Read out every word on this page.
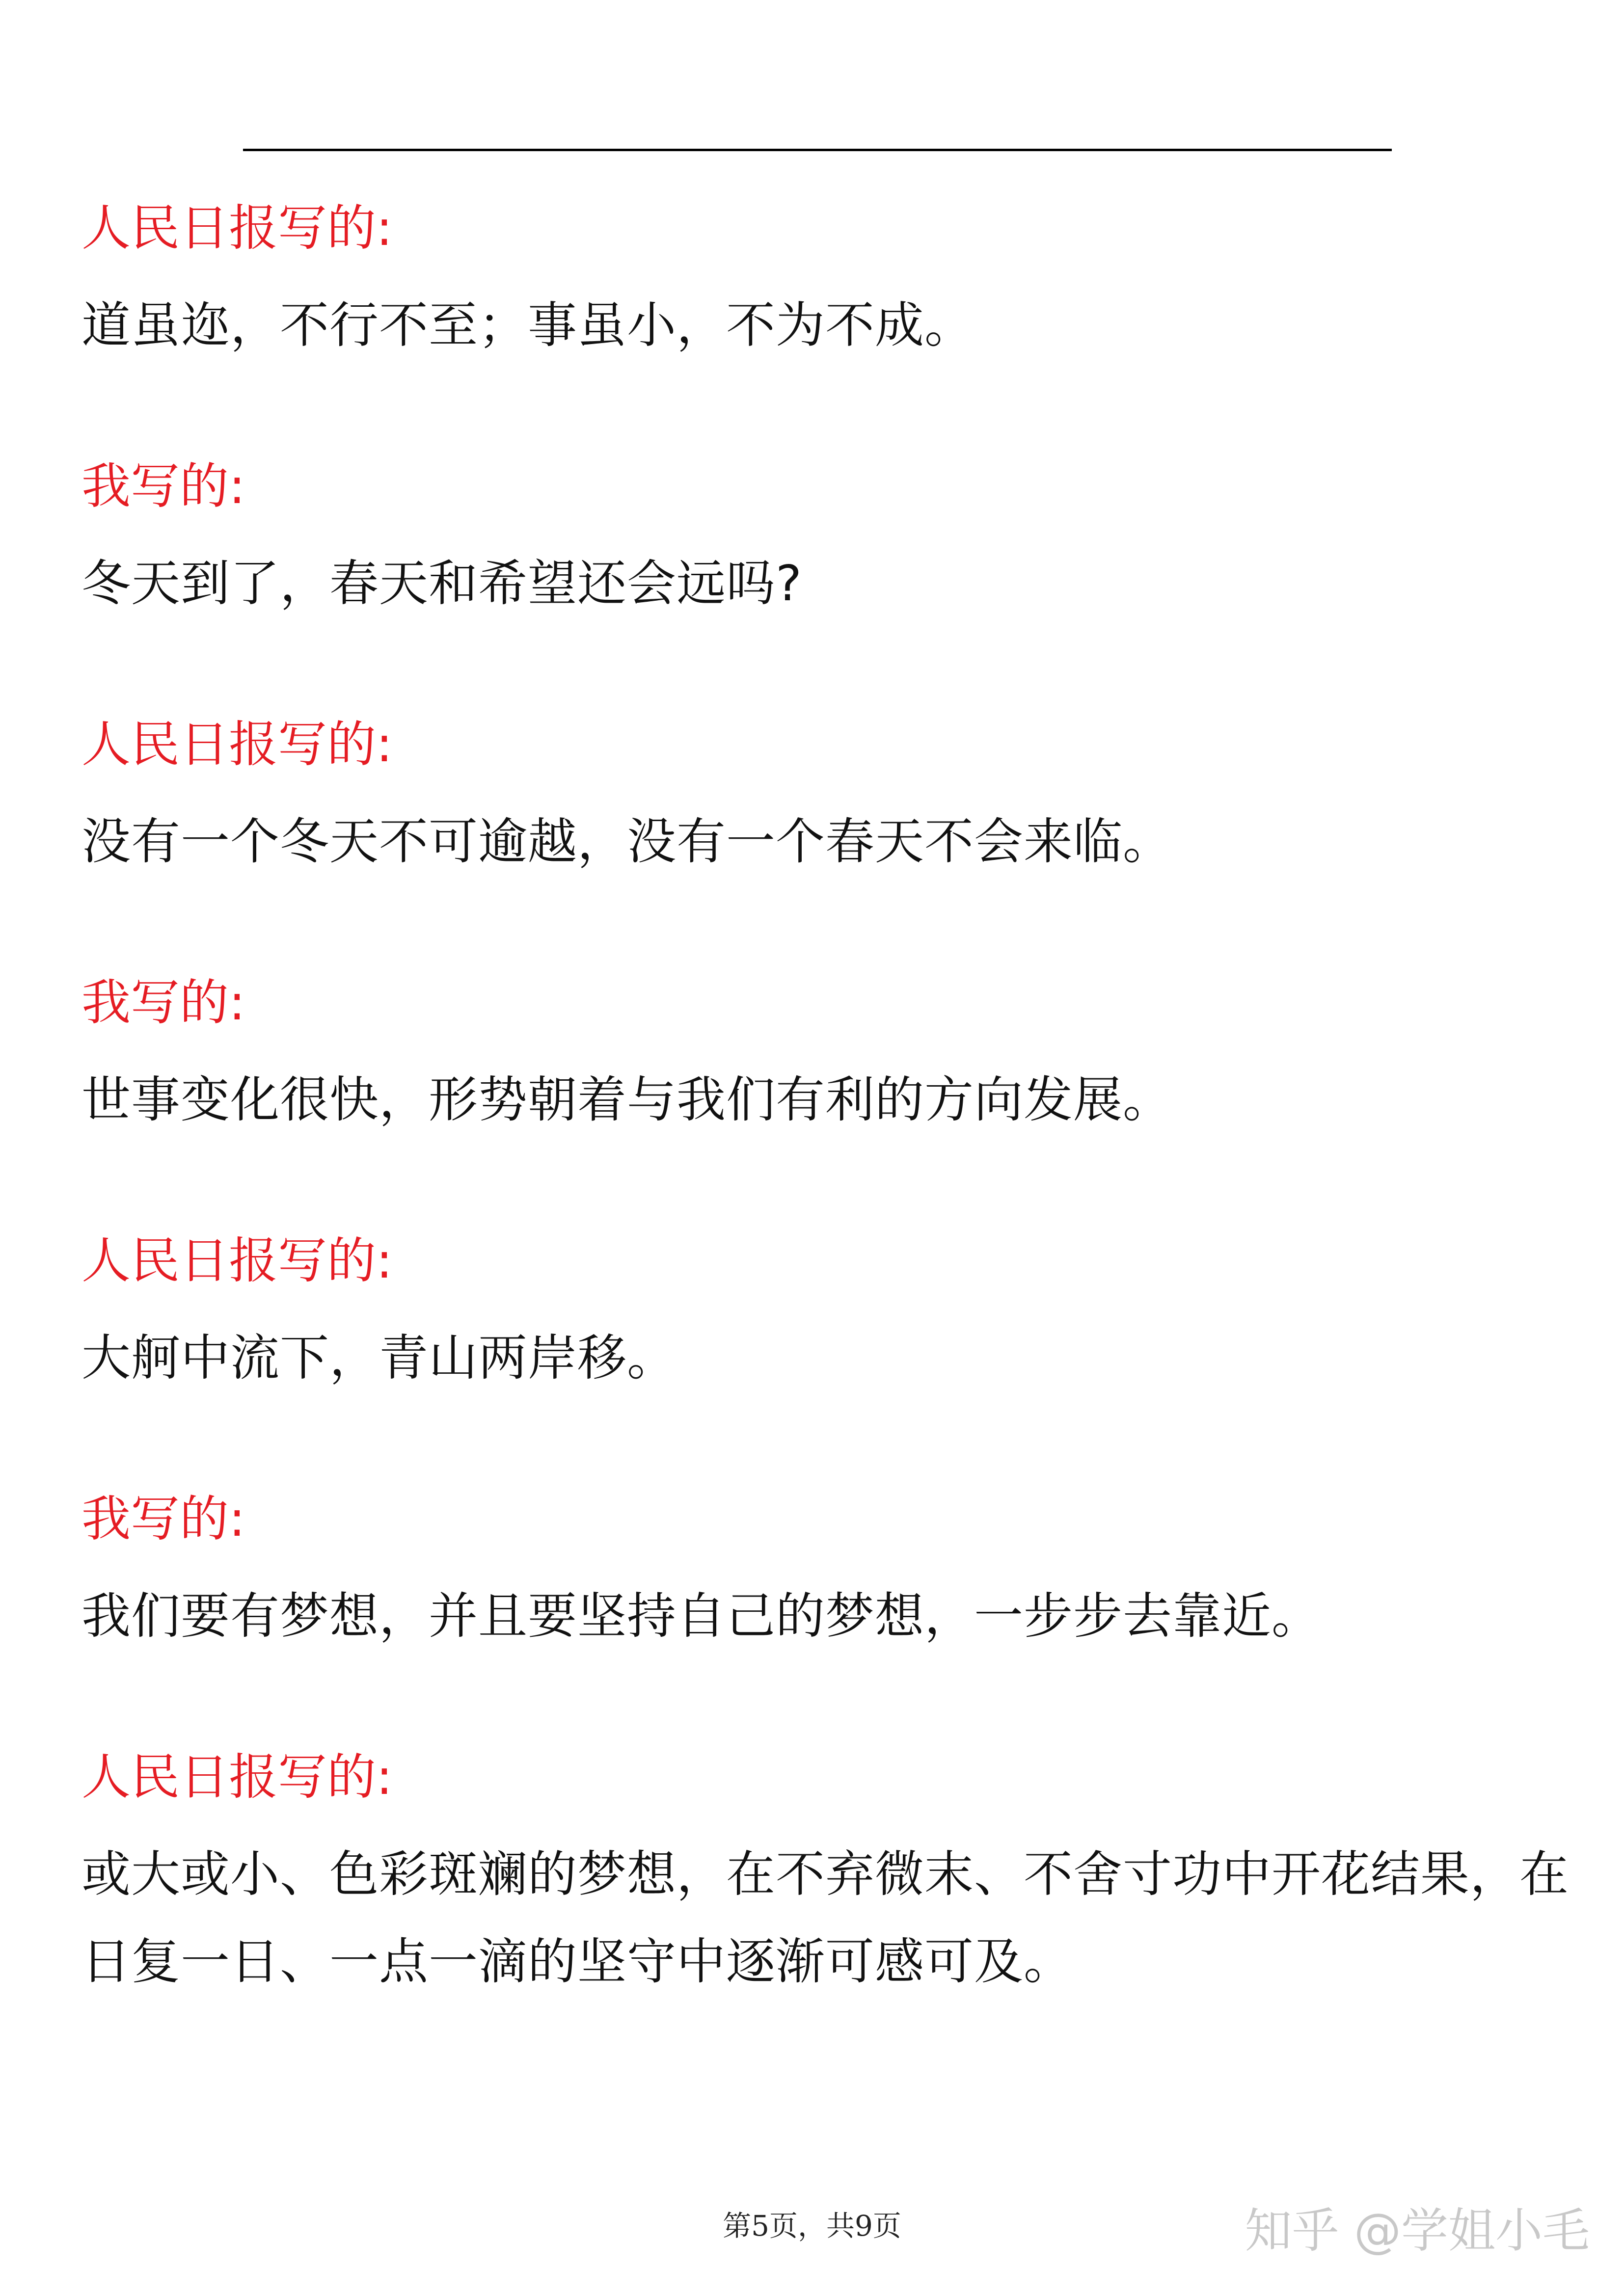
人民日报写的:
道虽迩，不行不至；事虽小，不为不成。
我写的:
冬天到了，春天和希望还会远吗?
人民日报写的:
没有一个冬天不可逾越，没有一个春天不会来临。
我写的:
世事变化很快，形势朝着与我们有利的方向发展。
人民日报写的:
大舸中流下，青山两岸移。
我写的:
我们要有梦想，并且要坚持自己的梦想，一步步去靠近。
人民日报写的:
或大或小、色彩斑斓的梦想，在不弃微末、不舍寸功中开花结果，在日复一日、一点一滴的坚守中逐渐可感可及。
第5页，共9页	知乎 @学姐小毛
